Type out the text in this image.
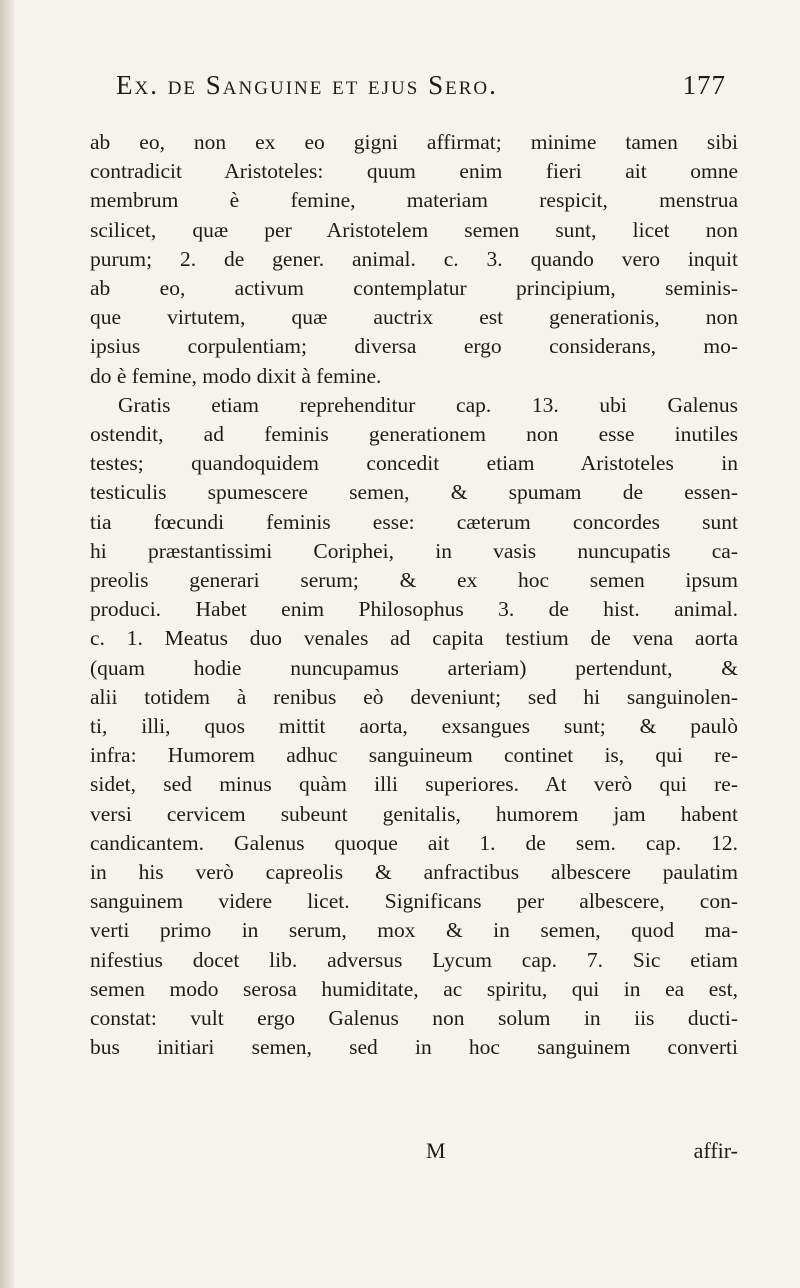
Ex. de Sanguine et ejus Sero.	177
ab eo, non ex eo gigni affirmat; minime tamen sibi
contradicit Aristoteles: quum enim fieri ait omne
membrum è femine, materiam respicit, menstrua
scilicet, quæ per Aristotelem semen sunt, licet non
purum; 2. de gener. animal. c. 3. quando vero inquit
ab eo, activum contemplatur principium, seminis-
que virtutem, quæ auctrix est generationis, non
ipsius corpulentiam; diversa ergo considerans, mo-
do è femine, modo dixit à femine.
Gratis etiam reprehenditur cap. 13. ubi Galenus
ostendit, ad feminis generationem non esse inutiles
testes; quandoquidem concedit etiam Aristoteles in
testiculis spumescere semen, & spumam de essen-
tia fœcundi feminis esse: cæterum concordes sunt
hi præstantissimi Coriphei, in vasis nuncupatis ca-
preolis generari serum; & ex hoc semen ipsum
produci. Habet enim Philosophus 3. de hist. animal.
c. 1. Meatus duo venales ad capita testium de vena aorta
(quam hodie nuncupamus arteriam) pertendunt, &
alii totidem à renibus eò deveniunt; sed hi sanguinolen-
ti, illi, quos mittit aorta, exsangues sunt; & paulò
infra: Humorem adhuc sanguineum continet is, qui re-
sidet, sed minus quàm illi superiores. At verò qui re-
versi cervicem subeunt genitalis, humorem jam habent
candicantem. Galenus quoque ait 1. de sem. cap. 12.
in his verò capreolis & anfractibus albescere paulatim
sanguinem videre licet. Significans per albescere, con-
verti primo in serum, mox & in semen, quod ma-
nifestius docet lib. adversus Lycum cap. 7. Sic etiam
semen modo serosa humiditate, ac spiritu, qui in ea est,
constat: vult ergo Galenus non solum in iis ducti-
bus initiari semen, sed in hoc sanguinem converti
M	affir-
